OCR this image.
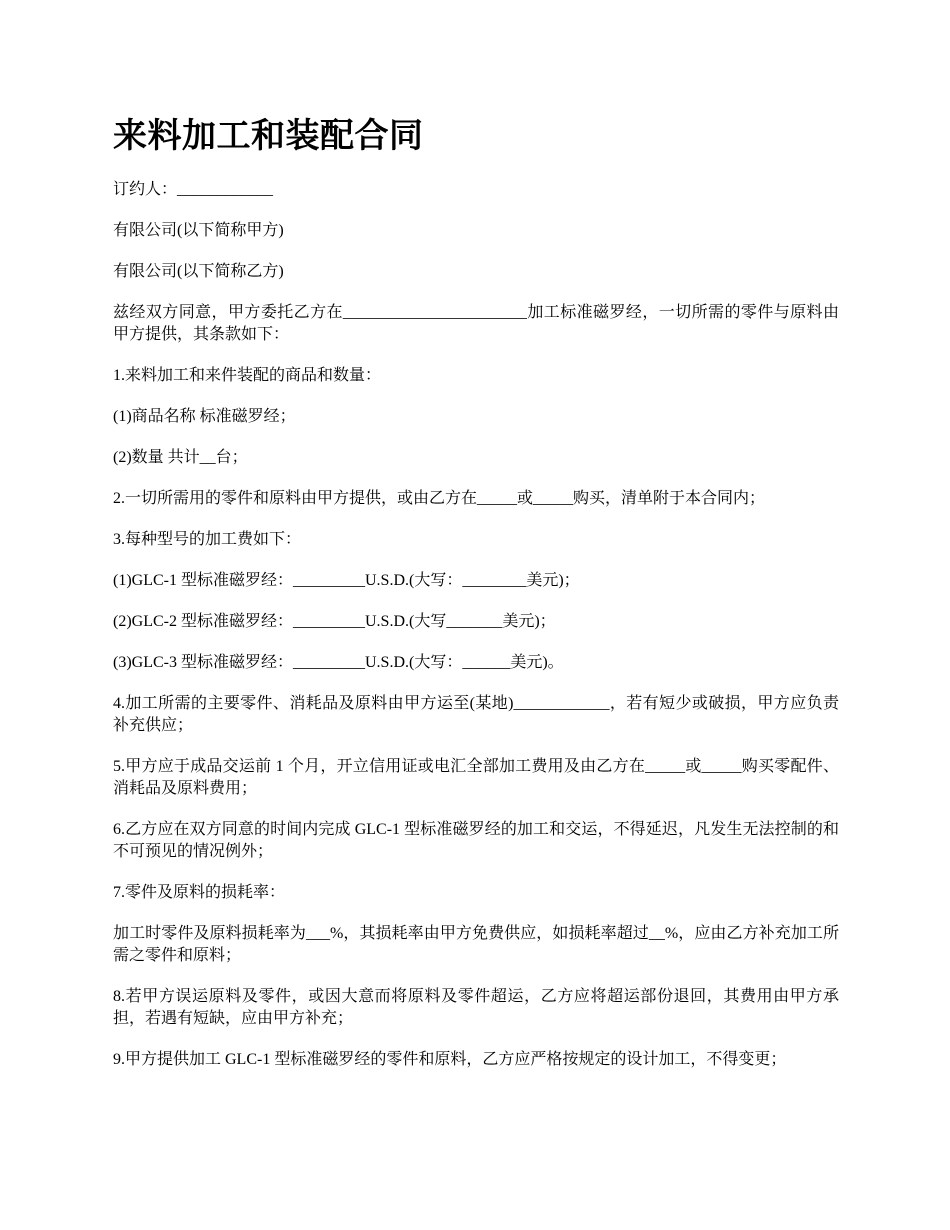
来料加工和装配合同

订约人：____________

有限公司(以下简称甲方)

有限公司(以下简称乙方)

兹经双方同意，甲方委托乙方在_______________________加工标准磁罗经，一切所需的零件与原料由甲方提供，其条款如下：

1.来料加工和来件装配的商品和数量：

(1)商品名称 标准磁罗经；

(2)数量 共计__台；

2.一切所需用的零件和原料由甲方提供，或由乙方在_____或_____购买，清单附于本合同内；

3.每种型号的加工费如下：

(1)GLC-1 型标准磁罗经：_________U.S.D.(大写：________美元)；

(2)GLC-2 型标准磁罗经：_________U.S.D.(大写_______美元)；

(3)GLC-3 型标准磁罗经：_________U.S.D.(大写：______美元)。

4.加工所需的主要零件、消耗品及原料由甲方运至(某地)____________，若有短少或破损，甲方应负责补充供应；

5.甲方应于成品交运前 1 个月，开立信用证或电汇全部加工费用及由乙方在_____或_____购买零配件、消耗品及原料费用；

6.乙方应在双方同意的时间内完成 GLC-1 型标准磁罗经的加工和交运，不得延迟，凡发生无法控制的和不可预见的情况例外；

7.零件及原料的损耗率：

加工时零件及原料损耗率为___%，其损耗率由甲方免费供应，如损耗率超过__%，应由乙方补充加工所需之零件和原料；

8.若甲方误运原料及零件，或因大意而将原料及零件超运，乙方应将超运部份退回，其费用由甲方承担，若遇有短缺，应由甲方补充；

9.甲方提供加工 GLC-1 型标准磁罗经的零件和原料，乙方应严格按规定的设计加工，不得变更；
